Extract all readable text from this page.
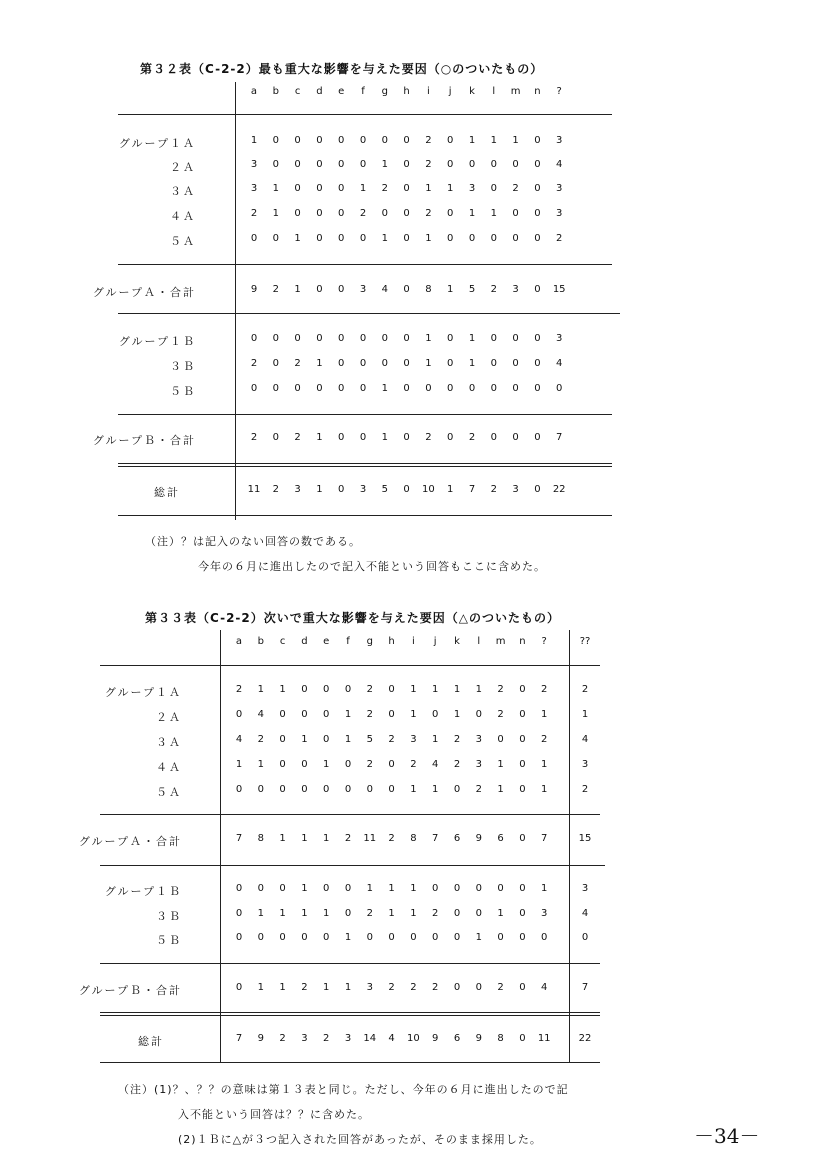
第３２表（C-2-2）最も重大な影響を与えた要因（○のついたもの）
a	b	c	d	e	f	g	h	i	j	k	l	m	n	?
グループ１Ａ	1	0	0	0	0	0	0	0	2	0	1	1	1	0	3
２Ａ	3	0	0	0	0	0	1	0	2	0	0	0	0	0	4
３Ａ	3	1	0	0	0	1	2	0	1	1	3	0	2	0	3
４Ａ	2	1	0	0	0	2	0	0	2	0	1	1	0	0	3
５Ａ	0	0	1	0	0	0	1	0	1	0	0	0	0	0	2
グループＡ・合計	9	2	1	0	0	3	4	0	8	1	5	2	3	0	15
グループ１Ｂ	0	0	0	0	0	0	0	0	1	0	1	0	0	0	3
３Ｂ	2	0	2	1	0	0	0	0	1	0	1	0	0	0	4
５Ｂ	0	0	0	0	0	0	1	0	0	0	0	0	0	0	0
グループＢ・合計	2	0	2	1	0	0	1	0	2	0	2	0	0	0	7
総計	11	2	3	1	0	3	5	0	10	1	7	2	3	0	22
（注）？は記入のない回答の数である。
今年の６月に進出したので記入不能という回答もここに含めた。
第３３表（C-2-2）次いで重大な影響を与えた要因（△のついたもの）
a	b	c	d	e	f	g	h	i	j	k	l	m	n	?	??
グループ１Ａ	2	1	1	0	0	0	2	0	1	1	1	1	2	0	2	2
２Ａ	0	4	0	0	0	1	2	0	1	0	1	0	2	0	1	1
３Ａ	4	2	0	1	0	1	5	2	3	1	2	3	0	0	2	4
４Ａ	1	1	0	0	1	0	2	0	2	4	2	3	1	0	1	3
５Ａ	0	0	0	0	0	0	0	0	1	1	0	2	1	0	1	2
グループＡ・合計	7	8	1	1	1	2	11	2	8	7	6	9	6	0	7	15
グループ１Ｂ	0	0	0	1	0	0	1	1	1	0	0	0	0	0	1	3
３Ｂ	0	1	1	1	1	0	2	1	1	2	0	0	1	0	3	4
５Ｂ	0	0	0	0	0	1	0	0	0	0	0	1	0	0	0	0
グループＢ・合計	0	1	1	2	1	1	3	2	2	2	0	0	2	0	4	7
総計	7	9	2	3	2	3	14	4	10	9	6	9	8	0	11	22
（注）(1)？、？？の意味は第１３表と同じ。ただし、今年の６月に進出したので記
入不能という回答は？？に含めた。
(2)１Ｂに△が３つ記入された回答があったが、そのまま採用した。	－34－
